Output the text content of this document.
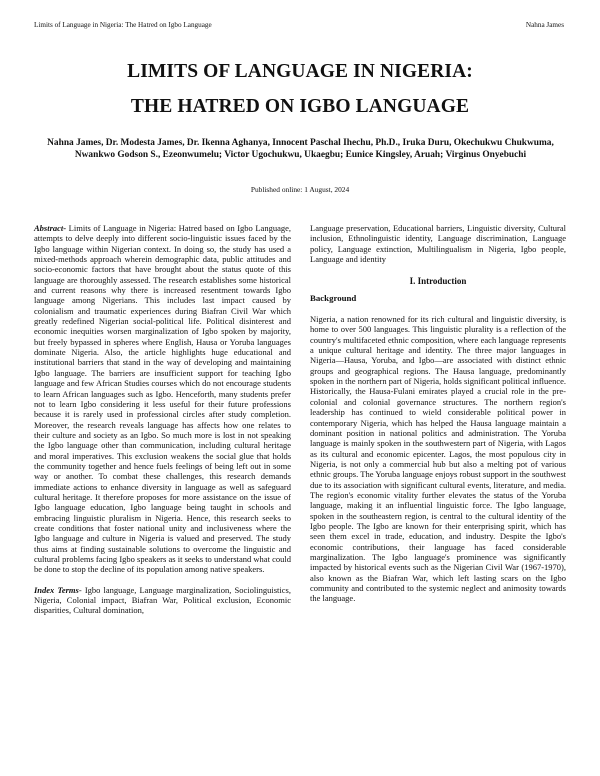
Limits of Language in Nigeria: The Hatred on Igbo Language	Nahna James

LIMITS OF LANGUAGE IN NIGERIA:

THE HATRED ON IGBO LANGUAGE

Nahna James, Dr. Modesta James, Dr. Ikenna Aghanya, Innocent Paschal Ihechu, Ph.D., Iruka Duru, Okechukwu Chukwuma, Nwankwo Godson S., Ezeonwumelu; Victor Ugochukwu, Ukaegbu; Eunice Kingsley, Aruah; Virginus Onyebuchi
Published online: 1 August, 2024

Abstract- Limits of Language in Nigeria: Hatred based on Igbo Language, attempts to delve deeply into different socio-linguistic issues faced by the Igbo language within Nigerian context. In doing so, the study has used a mixed-methods approach wherein demographic data, public attitudes and socio-economic factors that have brought about the status quote of this language are thoroughly assessed. The research establishes some historical and current reasons why there is increased resentment towards Igbo language among Nigerians. This includes last impact caused by colonialism and traumatic experiences during Biafran Civil War which greatly redefined Nigerian social-political life. Political disinterest and economic inequities worsen marginalization of Igbo spoken by majority, but freely bypassed in spheres where English, Hausa or Yoruba languages dominate Nigeria. Also, the article highlights huge educational and institutional barriers that stand in the way of developing and maintaining Igbo language. The barriers are insufficient support for teaching Igbo language and few African Studies courses which do not encourage students to learn African languages such as Igbo. Henceforth, many students prefer not to learn Igbo considering it less useful for their future professions because it is rarely used in professional circles after study completion. Moreover, the research reveals language has affects how one relates to their culture and society as an Igbo. So much more is lost in not speaking the Igbo language other than communication, including cultural heritage and moral imperatives. This exclusion weakens the social glue that holds the community together and hence fuels feelings of being left out in some way or another. To combat these challenges, this research demands immediate actions to enhance diversity in language as well as safeguard cultural heritage. It therefore proposes for more assistance on the issue of Igbo language education, Igbo language being taught in schools and embracing linguistic pluralism in Nigeria. Hence, this research seeks to create conditions that foster national unity and inclusiveness where the Igbo language and culture in Nigeria is valued and preserved. The study thus aims at finding sustainable solutions to overcome the linguistic and cultural problems facing Igbo speakers as it seeks to understand what could be done to stop the decline of its population among native speakers.

Index Terms- Igbo language, Language marginalization, Sociolinguistics, Nigeria, Colonial impact, Biafran War, Political exclusion, Economic disparities, Cultural domination,

Language preservation, Educational barriers, Linguistic diversity, Cultural inclusion, Ethnolinguistic identity, Language discrimination, Language policy, Language extinction, Multilingualism in Nigeria, Igbo people, Language and identity

I. Introduction

Background

Nigeria, a nation renowned for its rich cultural and linguistic diversity, is home to over 500 languages. This linguistic plurality is a reflection of the country's multifaceted ethnic composition, where each language represents a unique cultural heritage and identity. The three major languages in Nigeria—Hausa, Yoruba, and Igbo—are associated with distinct ethnic groups and geographical regions. The Hausa language, predominantly spoken in the northern part of Nigeria, holds significant political influence. Historically, the Hausa-Fulani emirates played a crucial role in the pre-colonial and colonial governance structures. The northern region's leadership has continued to wield considerable political power in contemporary Nigeria, which has helped the Hausa language maintain a dominant position in national politics and administration. The Yoruba language is mainly spoken in the southwestern part of Nigeria, with Lagos as its cultural and economic epicenter. Lagos, the most populous city in Nigeria, is not only a commercial hub but also a melting pot of various ethnic groups. The Yoruba language enjoys robust support in the southwest due to its association with significant cultural events, literature, and media. The region's economic vitality further elevates the status of the Yoruba language, making it an influential linguistic force. The Igbo language, spoken in the southeastern region, is central to the cultural identity of the Igbo people. The Igbo are known for their enterprising spirit, which has seen them excel in trade, education, and industry. Despite the Igbo's economic contributions, their language has faced considerable marginalization. The Igbo language's prominence was significantly impacted by historical events such as the Nigerian Civil War (1967-1970), also known as the Biafran War, which left lasting scars on the Igbo community and contributed to the systemic neglect and animosity towards the language.
